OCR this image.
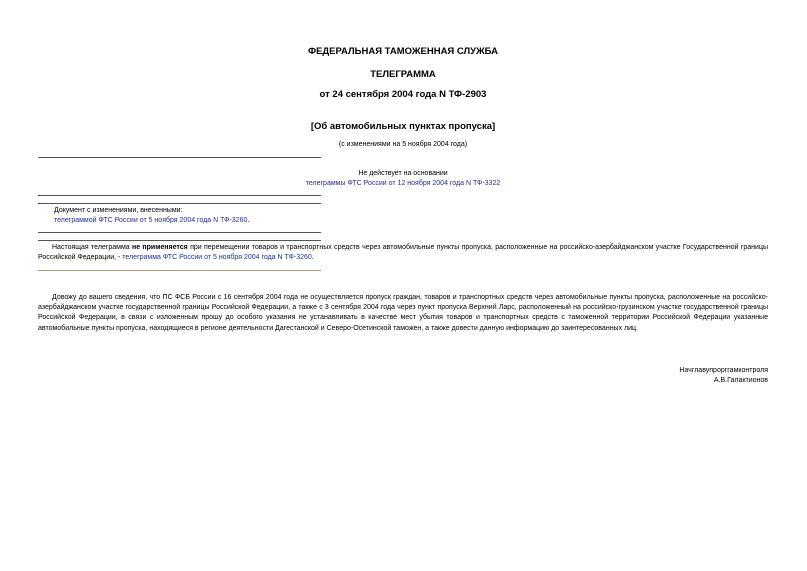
ФЕДЕРАЛЬНАЯ ТАМОЖЕННАЯ СЛУЖБА
ТЕЛЕГРАММА
от 24 сентября 2004 года N ТФ-2903
[Об автомобильных пунктах пропуска]
(с изменениями на 5 ноября 2004 года)
Не действует на основании
телеграммы ФТС России от 12 ноября 2004 года N ТФ-3322
Документ с изменениями, внесенными:
телеграммой ФТС России от 5 ноября 2004 года N ТФ-3260.
Настоящая телеграмма не применяется при перемещении товаров и транспортных средств через автомобильные пункты пропуска, расположенные на российско-азербайджанском участке Государственной границы Российской Федерации, - телеграмма ФТС России от 5 ноября 2004 года N ТФ-3260.
Довожу до вашего сведения, что ПС ФСБ России с 16 сентября 2004 года не осуществляется пропуск граждан, товаров и транспортных средств через автомобильные пункты пропуска, расположенные на российско-азербайджанском участке государственной границы Российской Федерации, а также с 3 сентября 2004 года через пункт пропуска Верхний Ларс, расположенный на российско-грузинском участке государственной границы Российской Федерации, в связи с изложенным прошу до особого указания не устанавливать в качестве мест убытия товаров и транспортных средств с таможенной территории Российской Федерации указанные автомобильные пункты пропуска, находящиеся в регионе деятельности Дагестанской и Северо-Осетинской таможен, а также довести данную информацию до заинтересованных лиц.
Начглавупрорггамконтроля
А.В.Галактионов
